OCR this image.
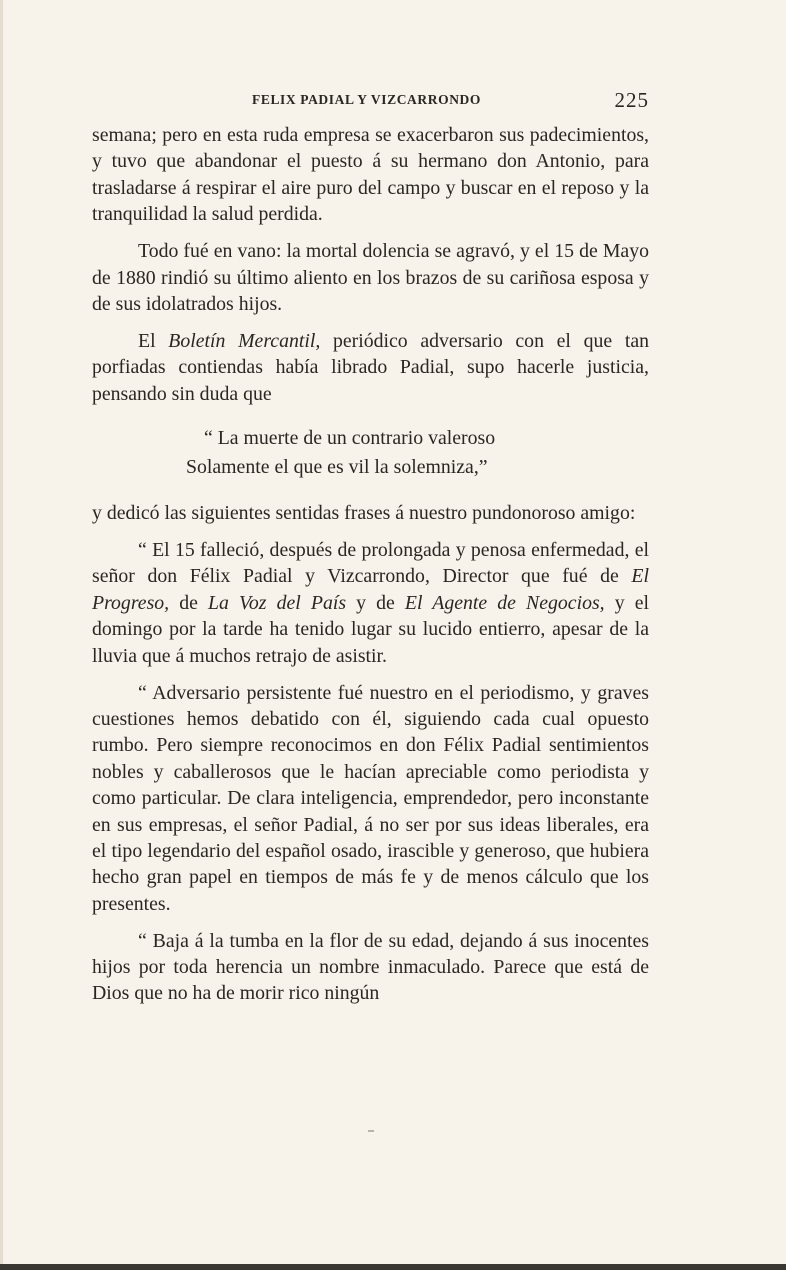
FELIX PADIAL Y VIZCARRONDO	225

semana; pero en esta ruda empresa se exacerbaron sus padecimientos, y tuvo que abandonar el puesto á su hermano don Antonio, para trasladarse á respirar el aire puro del campo y buscar en el reposo y la tranquilidad la salud perdida.

Todo fué en vano: la mortal dolencia se agravó, y el 15 de Mayo de 1880 rindió su último aliento en los brazos de su cariñosa esposa y de sus idolatrados hijos.

El Boletín Mercantil, periódico adversario con el que tan porfiadas contiendas había librado Padial, supo hacerle justicia, pensando sin duda que

“ La muerte de un contrario valeroso
Solamente el que es vil la solemniza,”

y dedicó las siguientes sentidas frases á nuestro pundonoroso amigo:

“ El 15 falleció, después de prolongada y penosa enfermedad, el señor don Félix Padial y Vizcarrondo, Director que fué de El Progreso, de La Voz del País y de El Agente de Negocios, y el domingo por la tarde ha tenido lugar su lucido entierro, apesar de la lluvia que á muchos retrajo de asistir.

“ Adversario persistente fué nuestro en el periodismo, y graves cuestiones hemos debatido con él, siguiendo cada cual opuesto rumbo. Pero siempre reconocimos en don Félix Padial sentimientos nobles y caballerosos que le hacían apreciable como periodista y como particular. De clara inteligencia, emprendedor, pero inconstante en sus empresas, el señor Padial, á no ser por sus ideas liberales, era el tipo legendario del español osado, irascible y generoso, que hubiera hecho gran papel en tiempos de más fe y de menos cálculo que los presentes.

“ Baja á la tumba en la flor de su edad, dejando á sus inocentes hijos por toda herencia un nombre inmaculado. Parece que está de Dios que no ha de morir rico ningún
